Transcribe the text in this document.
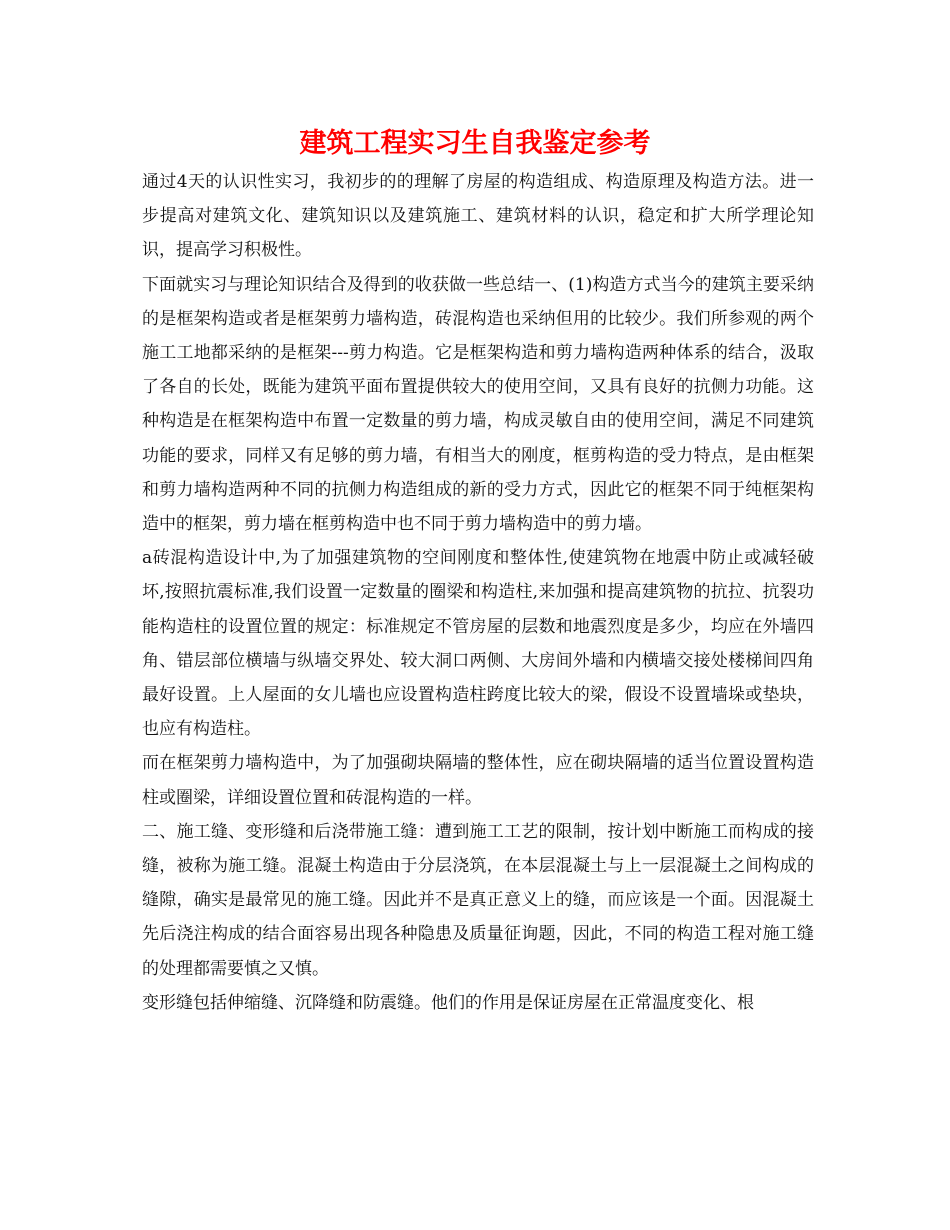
建筑工程实习生自我鉴定参考

通过4天的认识性实习，我初步的的理解了房屋的构造组成、构造原理及构造方法。进一步提高对建筑文化、建筑知识以及建筑施工、建筑材料的认识，稳定和扩大所学理论知识，提高学习积极性。

下面就实习与理论知识结合及得到的收获做一些总结一、(1)构造方式当今的建筑主要采纳的是框架构造或者是框架剪力墙构造，砖混构造也采纳但用的比较少。我们所参观的两个施工工地都采纳的是框架---剪力构造。它是框架构造和剪力墙构造两种体系的结合，汲取了各自的长处，既能为建筑平面布置提供较大的使用空间，又具有良好的抗侧力功能。这种构造是在框架构造中布置一定数量的剪力墙，构成灵敏自由的使用空间，满足不同建筑功能的要求，同样又有足够的剪力墙，有相当大的刚度，框剪构造的受力特点，是由框架和剪力墙构造两种不同的抗侧力构造组成的新的受力方式，因此它的框架不同于纯框架构造中的框架，剪力墙在框剪构造中也不同于剪力墙构造中的剪力墙。

a砖混构造设计中,为了加强建筑物的空间刚度和整体性,使建筑物在地震中防止或减轻破坏,按照抗震标准,我们设置一定数量的圈梁和构造柱,来加强和提高建筑物的抗拉、抗裂功能构造柱的设置位置的规定：标准规定不管房屋的层数和地震烈度是多少，均应在外墙四角、错层部位横墙与纵墙交界处、较大洞口两侧、大房间外墙和内横墙交接处楼梯间四角最好设置。上人屋面的女儿墙也应设置构造柱跨度比较大的梁，假设不设置墙垛或垫块，也应有构造柱。

而在框架剪力墙构造中，为了加强砌块隔墙的整体性，应在砌块隔墙的适当位置设置构造柱或圈梁，详细设置位置和砖混构造的一样。

二、施工缝、变形缝和后浇带施工缝：遭到施工工艺的限制，按计划中断施工而构成的接缝，被称为施工缝。混凝土构造由于分层浇筑，在本层混凝土与上一层混凝土之间构成的缝隙，确实是最常见的施工缝。因此并不是真正意义上的缝，而应该是一个面。因混凝土先后浇注构成的结合面容易出现各种隐患及质量征询题，因此，不同的构造工程对施工缝的处理都需要慎之又慎。

变形缝包括伸缩缝、沉降缝和防震缝。他们的作用是保证房屋在正常温度变化、根
